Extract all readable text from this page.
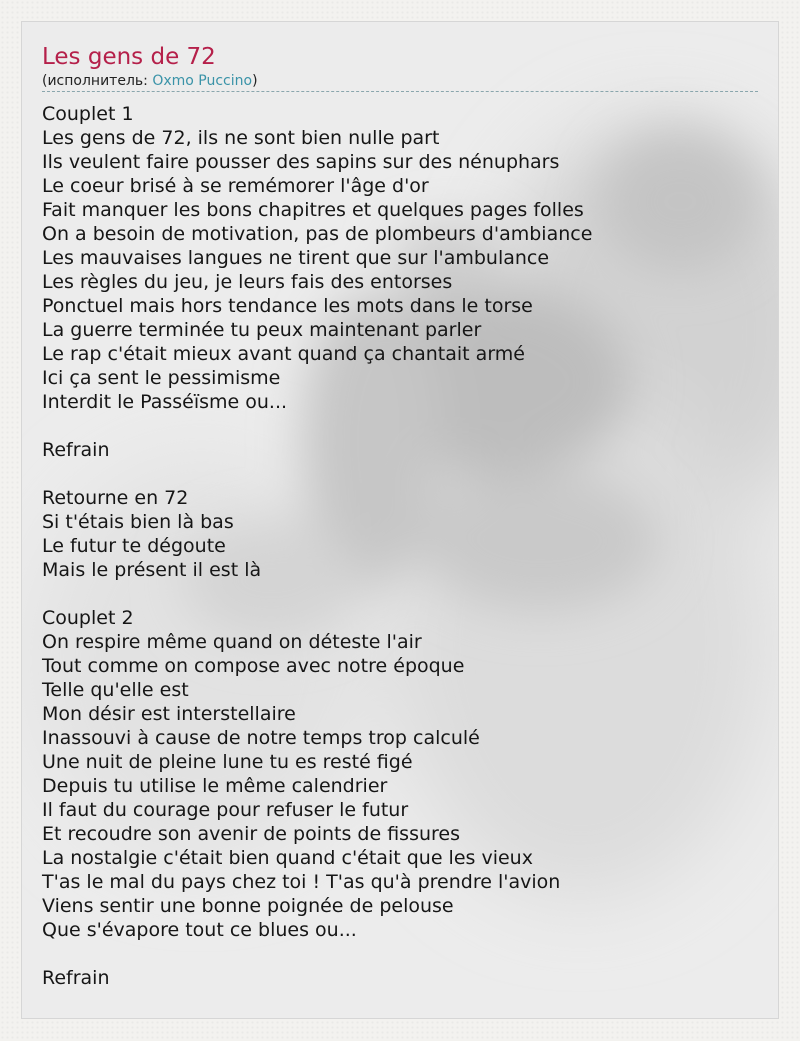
Les gens de 72
(исполнитель: Oxmo Puccino)
Couplet 1
Les gens de 72, ils ne sont bien nulle part
Ils veulent faire pousser des sapins sur des nénuphars
Le coeur brisé à se remémorer l'âge d'or
Fait manquer les bons chapitres et quelques pages folles
On a besoin de motivation, pas de plombeurs d'ambiance
Les mauvaises langues ne tirent que sur l'ambulance
Les règles du jeu, je leurs fais des entorses
Ponctuel mais hors tendance les mots dans le torse
La guerre terminée tu peux maintenant parler
Le rap c'était mieux avant quand ça chantait armé
Ici ça sent le pessimisme
Interdit le Passéïsme ou...
Refrain
Retourne en 72
Si t'étais bien là bas
Le futur te dégoute
Mais le présent il est là
Couplet 2
On respire même quand on déteste l'air
Tout comme on compose avec notre époque
Telle qu'elle est
Mon désir est interstellaire
Inassouvi à cause de notre temps trop calculé
Une nuit de pleine lune tu es resté figé
Depuis tu utilise le même calendrier
Il faut du courage pour refuser le futur
Et recoudre son avenir de points de fissures
La nostalgie c'était bien quand c'était que les vieux
T'as le mal du pays chez toi ! T'as qu'à prendre l'avion
Viens sentir une bonne poignée de pelouse
Que s'évapore tout ce blues ou...
Refrain
